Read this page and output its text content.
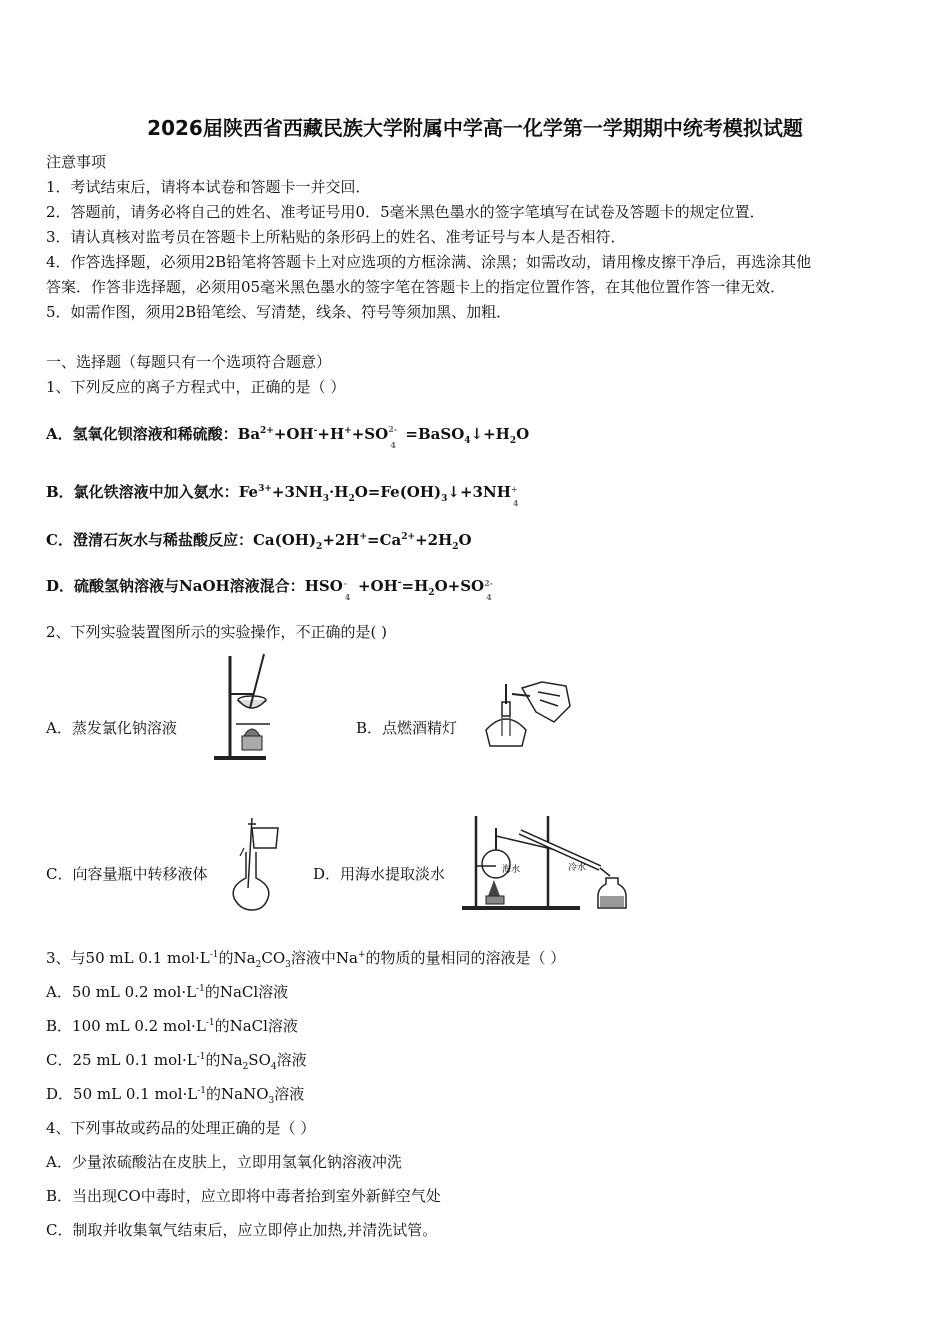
2026届陕西省西藏民族大学附属中学高一化学第一学期期中统考模拟试题
注意事项
1．考试结束后，请将本试卷和答题卡一并交回．
2．答题前，请务必将自己的姓名、准考证号用0．5毫米黑色墨水的签字笔填写在试卷及答题卡的规定位置．
3．请认真核对监考员在答题卡上所粘贴的条形码上的姓名、准考证号与本人是否相符．
4．作答选择题，必须用2B铅笔将答题卡上对应选项的方框涂满、涂黑；如需改动，请用橡皮擦干净后，再选涂其他
答案．作答非选择题，必须用05毫米黑色墨水的签字笔在答题卡上的指定位置作答，在其他位置作答一律无效．
5．如需作图，须用2B铅笔绘、写清楚，线条、符号等须加黑、加粗．
一、选择题（每题只有一个选项符合题意）
1、下列反应的离子方程式中，正确的是（ ）
A．氢氧化钡溶液和稀硫酸：$Ba^{2+}+OH^-+H^++SO$ 2-
4
$=BaSO_4↓+H_2O$
B．氯化铁溶液中加入氨水：$Fe^{3+}+3NH_3\cdot H_2O=Fe(OH)_3↓+3NH$ +
4
C．澄清石灰水与稀盐酸反应：$Ca(OH)_2+2H^+=Ca^{2+}+2H_2O$
D．硫酸氢钠溶液与NaOH溶液混合：HSO -
4
$+OH^-=H_2O+SO$ 2-
4
2、下列实验装置图所示的实验操作，不正确的是( )
A．蒸发氯化钠溶液	B．点燃酒精灯
C．向容量瓶中转移液体	D．用海水提取淡水	海水	冷水
3、与50 mL 0.1 $mol\cdot L^{-1}$的$Na_2CO_3$溶液中Na+的物质的量相同的溶液是（ ）
A．50 mL 0.2 $mol\cdot L^{-1}$的NaCl溶液
B．100 mL 0.2 $mol\cdot L^{-1}$的NaCl溶液
C．25 mL 0.1 $mol\cdot L^{-1}$的$Na_2SO_4$溶液
D．50 mL 0.1 $mol\cdot L^{-1}$的NaNO$_3$溶液
4、下列事故或药品的处理正确的是（ ）
A．少量浓硫酸沾在皮肤上，立即用氢氧化钠溶液冲洗
B．当出现CO中毒时，应立即将中毒者抬到室外新鲜空气处
C．制取并收集氧气结束后，应立即停止加热,并清洗试管。
